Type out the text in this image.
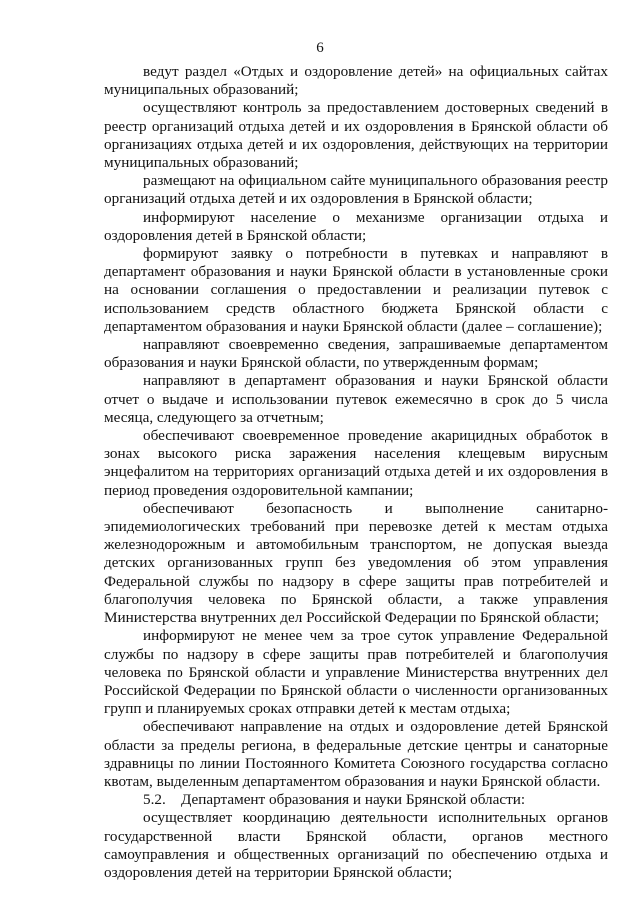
6

ведут раздел «Отдых и оздоровление детей» на официальных сайтах муниципальных образований;

осуществляют контроль за предоставлением достоверных сведений в реестр организаций отдыха детей и их оздоровления в Брянской области об организациях отдыха детей и их оздоровления, действующих на территории муниципальных образований;

размещают на официальном сайте муниципального образования реестр организаций отдыха детей и их оздоровления в Брянской области;

информируют население о механизме организации отдыха и оздоровления детей в Брянской области;

формируют заявку о потребности в путевках и направляют в департамент образования и науки Брянской области в установленные сроки на основании соглашения о предоставлении и реализации путевок с использованием средств областного бюджета Брянской области с департаментом образования и науки Брянской области (далее – соглашение);

направляют своевременно сведения, запрашиваемые департаментом образования и науки Брянской области, по утвержденным формам;

направляют в департамент образования и науки Брянской области отчет о выдаче и использовании путевок ежемесячно в срок до 5 числа месяца, следующего за отчетным;

обеспечивают своевременное проведение акарицидных обработок в зонах высокого риска заражения населения клещевым вирусным энцефалитом на территориях организаций отдыха детей и их оздоровления в период проведения оздоровительной кампании;

обеспечивают безопасность и выполнение санитарно-эпидемиологических требований при перевозке детей к местам отдыха железнодорожным и автомобильным транспортом, не допуская выезда детских организованных групп без уведомления об этом управления Федеральной службы по надзору в сфере защиты прав потребителей и благополучия человека по Брянской области, а также управления Министерства внутренних дел Российской Федерации по Брянской области;

информируют не менее чем за трое суток управление Федеральной службы по надзору в сфере защиты прав потребителей и благополучия человека по Брянской области и управление Министерства внутренних дел Российской Федерации по Брянской области о численности организованных групп и планируемых сроках отправки детей к местам отдыха;

обеспечивают направление на отдых и оздоровление детей Брянской области за пределы региона, в федеральные детские центры и санаторные здравницы по линии Постоянного Комитета Союзного государства согласно квотам, выделенным департаментом образования и науки Брянской области.

5.2.    Департамент образования и науки Брянской области:

осуществляет координацию деятельности исполнительных органов государственной власти Брянской области, органов местного самоуправления и общественных организаций по обеспечению отдыха и оздоровления детей на территории Брянской области;
